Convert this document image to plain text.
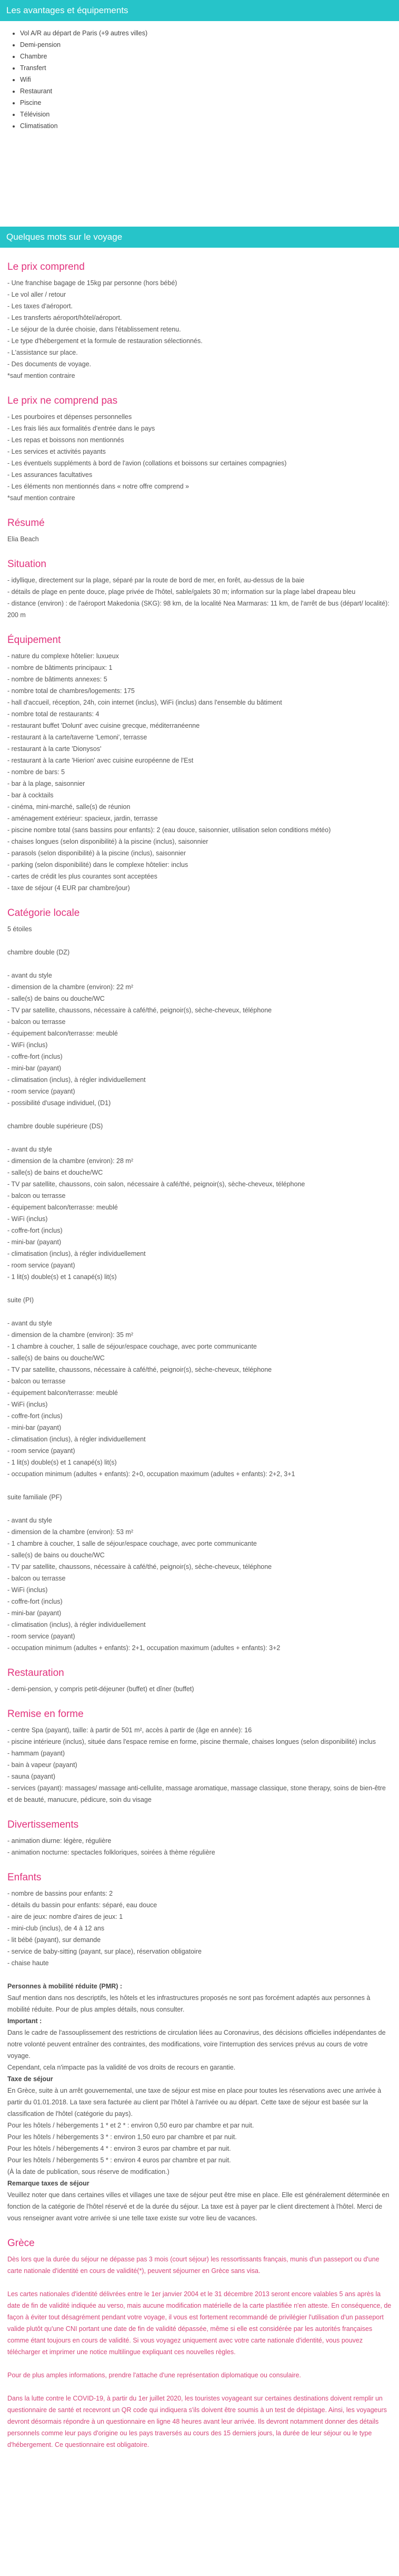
Les avantages et équipements
• Vol A/R au départ de Paris (+9 autres villes)
• Demi-pension
• Chambre
• Transfert
• Wifi
• Restaurant
• Piscine
• Télévision
• Climatisation
Quelques mots sur le voyage
Le prix comprend
- Une franchise bagage de 15kg par personne (hors bébé)
- Le vol aller / retour
- Les taxes d'aéroport.
- Les transferts aéroport/hôtel/aéroport.
- Le séjour de la durée choisie, dans l'établissement retenu.
- Le type d'hébergement et la formule de restauration sélectionnés.
- L'assistance sur place.
- Des documents de voyage.

*sauf mention contraire

Le prix ne comprend pas
- Les pourboires et dépenses personnelles
- Les frais liés aux formalités d'entrée dans le pays
- Les repas et boissons non mentionnés
- Les services et activités payants
- Les éventuels suppléments à bord de l'avion (collations et boissons sur certaines compagnies)
- Les assurances facultatives
- Les éléments non mentionnés dans « notre offre comprend »

*sauf mention contraire

Résumé

Elia Beach

Situation
- idyllique, directement sur la plage, séparé par la route de bord de mer, en forêt, au-dessus de la baie
- détails de plage en pente douce, plage privée de l'hôtel, sable/galets 30 m; information sur la plage label drapeau bleu
- distance (environ) : de l'aéroport Makedonia (SKG): 98 km, de la localité Nea Marmaras: 11 km, de l'arrêt de bus (départ/ localité): 200 m
Équipement
- nature du complexe hôtelier: luxueux
- nombre de bâtiments principaux: 1
- nombre de bâtiments annexes: 5
- nombre total de chambres/logements: 175
- hall d'accueil, réception, 24h, coin internet (inclus), WiFi (inclus) dans l'ensemble du bâtiment
- nombre total de restaurants: 4
- restaurant buffet 'Dolunt' avec cuisine grecque, méditerranéenne
- restaurant à la carte/taverne 'Lemoni', terrasse
- restaurant à la carte 'Dionysos'
- restaurant à la carte 'Hierion' avec cuisine européenne de l'Est
- nombre de bars: 5
- bar à la plage, saisonnier
- bar à cocktails
- cinéma, mini-marché, salle(s) de réunion
- aménagement extérieur: spacieux, jardin, terrasse
- piscine nombre total (sans bassins pour enfants): 2 (eau douce, saisonnier, utilisation selon conditions météo)
- chaises longues (selon disponibilité) à la piscine (inclus), saisonnier
- parasols (selon disponibilité) à la piscine (inclus), saisonnier
- parking (selon disponibilité) dans le complexe hôtelier: inclus
- cartes de crédit les plus courantes sont acceptées
- taxe de séjour (4 EUR par chambre/jour)
Catégorie locale

5 étoiles

chambre double (DZ)

- avant du style
- dimension de la chambre (environ): 22 m²
- salle(s) de bains ou douche/WC
- TV par satellite, chaussons, nécessaire à café/thé, peignoir(s), sèche-cheveux, téléphone
- balcon ou terrasse
- équipement balcon/terrasse: meublé
- WiFi (inclus)
- coffre-fort (inclus)
- mini-bar (payant)
- climatisation (inclus), à régler individuellement
- room service (payant)
- possibilité d'usage individuel, (D1)

chambre double supérieure (DS)

- avant du style
- dimension de la chambre (environ): 28 m²
- salle(s) de bains et douche/WC
- TV par satellite, chaussons, coin salon, nécessaire à café/thé, peignoir(s), sèche-cheveux, téléphone
- balcon ou terrasse
- équipement balcon/terrasse: meublé
- WiFi (inclus)
- coffre-fort (inclus)
- mini-bar (payant)
- climatisation (inclus), à régler individuellement
- room service (payant)
- 1 lit(s) double(s) et 1 canapé(s) lit(s)

suite (PI)

- avant du style
- dimension de la chambre (environ): 35 m²
- 1 chambre à coucher, 1 salle de séjour/espace couchage, avec porte communicante
- salle(s) de bains ou douche/WC
- TV par satellite, chaussons, nécessaire à café/thé, peignoir(s), sèche-cheveux, téléphone
- balcon ou terrasse
- équipement balcon/terrasse: meublé
- WiFi (inclus)
- coffre-fort (inclus)
- mini-bar (payant)
- climatisation (inclus), à régler individuellement
- room service (payant)
- 1 lit(s) double(s) et 1 canapé(s) lit(s)
- occupation minimum (adultes + enfants): 2+0, occupation maximum (adultes + enfants): 2+2, 3+1

suite familiale (PF)

- avant du style
- dimension de la chambre (environ): 53 m²
- 1 chambre à coucher, 1 salle de séjour/espace couchage, avec porte communicante
- salle(s) de bains ou douche/WC
- TV par satellite, chaussons, nécessaire à café/thé, peignoir(s), sèche-cheveux, téléphone
- balcon ou terrasse
- WiFi (inclus)
- coffre-fort (inclus)
- mini-bar (payant)
- climatisation (inclus), à régler individuellement
- room service (payant)
- occupation minimum (adultes + enfants): 2+1, occupation maximum (adultes + enfants): 3+2
Restauration
- demi-pension, y compris petit-déjeuner (buffet) et dîner (buffet)
Remise en forme
- centre Spa (payant), taille: à partir de 501 m², accès à partir de (âge en année): 16
- piscine intérieure (inclus), située dans l'espace remise en forme, piscine thermale, chaises longues (selon disponibilité) inclus
- hammam (payant)
- bain à vapeur (payant)
- sauna (payant)
- services (payant): massages/ massage anti-cellulite, massage aromatique, massage classique, stone therapy, soins de bien-être et de beauté, manucure, pédicure, soin du visage
Divertissements
- animation diurne: légère, régulière
- animation nocturne: spectacles folkloriques, soirées à thème régulière
Enfants
- nombre de bassins pour enfants: 2
- détails du bassin pour enfants: séparé, eau douce
- aire de jeux: nombre d'aires de jeux: 1
- mini-club (inclus), de 4 à 12 ans
- lit bébé (payant), sur demande
- service de baby-sitting (payant, sur place), réservation obligatoire
- chaise haute

Personnes à mobilité réduite (PMR) :

Sauf mention dans nos descriptifs, les hôtels et les infrastructures proposés ne sont pas forcément adaptés aux personnes à mobilité réduite. Pour de plus amples détails, nous consulter.

Important :

Dans le cadre de l'assouplissement des restrictions de circulation liées au Coronavirus, des décisions officielles indépendantes de notre volonté peuvent entraîner des contraintes, des modifications, voire l'interruption des services prévus au cours de votre voyage.

Cependant, cela n'impacte pas la validité de vos droits de recours en garantie.

Taxe de séjour

En Grèce, suite à un arrêt gouvernemental, une taxe de séjour est mise en place pour toutes les réservations avec une arrivée à partir du 01.01.2018. La taxe sera facturée au client par l'hôtel à l'arrivée ou au départ. Cette taxe de séjour est basée sur la classification de l'hôtel (catégorie du pays).

Pour les hôtels / hébergements 1 * et 2 * : environ 0,50 euro par chambre et par nuit.

Pour les hôtels / hébergements 3 * : environ 1,50 euro par chambre et par nuit.

Pour les hôtels / hébergements 4 * : environ 3 euros par chambre et par nuit.

Pour les hôtels / hébergements 5 * : environ 4 euros par chambre et par nuit.

(À la date de publication, sous réserve de modification.)

Remarque taxes de séjour

Veuillez noter que dans certaines villes et villages une taxe de séjour peut être mise en place. Elle est généralement déterminée en fonction de la catégorie de l'hôtel réservé et de la durée du séjour. La taxe est à payer par le client directement à l'hôtel. Merci de vous renseigner avant votre arrivée si une telle taxe existe sur votre lieu de vacances.

Grèce

Dès lors que la durée du séjour ne dépasse pas 3 mois (court séjour) les ressortissants français, munis d'un passeport ou d'une carte nationale d'identité en cours de validité(*), peuvent séjourner en Grèce sans visa.

Les cartes nationales d'identité délivrées entre le 1er janvier 2004 et le 31 décembre 2013 seront encore valables 5 ans après la date de fin de validité indiquée au verso, mais aucune modification matérielle de la carte plastifiée n'en atteste. En conséquence, de façon à éviter tout désagrément pendant votre voyage, il vous est fortement recommandé de privilégier l'utilisation d'un passeport valide plutôt qu'une CNI portant une date de fin de validité dépassée, même si elle est considérée par les autorités françaises comme étant toujours en cours de validité. Si vous voyagez uniquement avec votre carte nationale d'identité, vous pouvez télécharger et imprimer une notice multilingue expliquant ces nouvelles règles.

Pour de plus amples informations, prendre l'attache d'une représentation diplomatique ou consulaire.

Dans la lutte contre le COVID-19, à partir du 1er juillet 2020, les touristes voyageant sur certaines destinations doivent remplir un questionnaire de santé et recevront un QR code qui indiquera s'ils doivent être soumis à un test de dépistage. Ainsi, les voyageurs devront désormais répondre à un questionnaire en ligne 48 heures avant leur arrivée. Ils devront notamment donner des détails personnels comme leur pays d'origine ou les pays traversés au cours des 15 derniers jours, la durée de leur séjour ou le type d'hébergement. Ce questionnaire est obligatoire.
